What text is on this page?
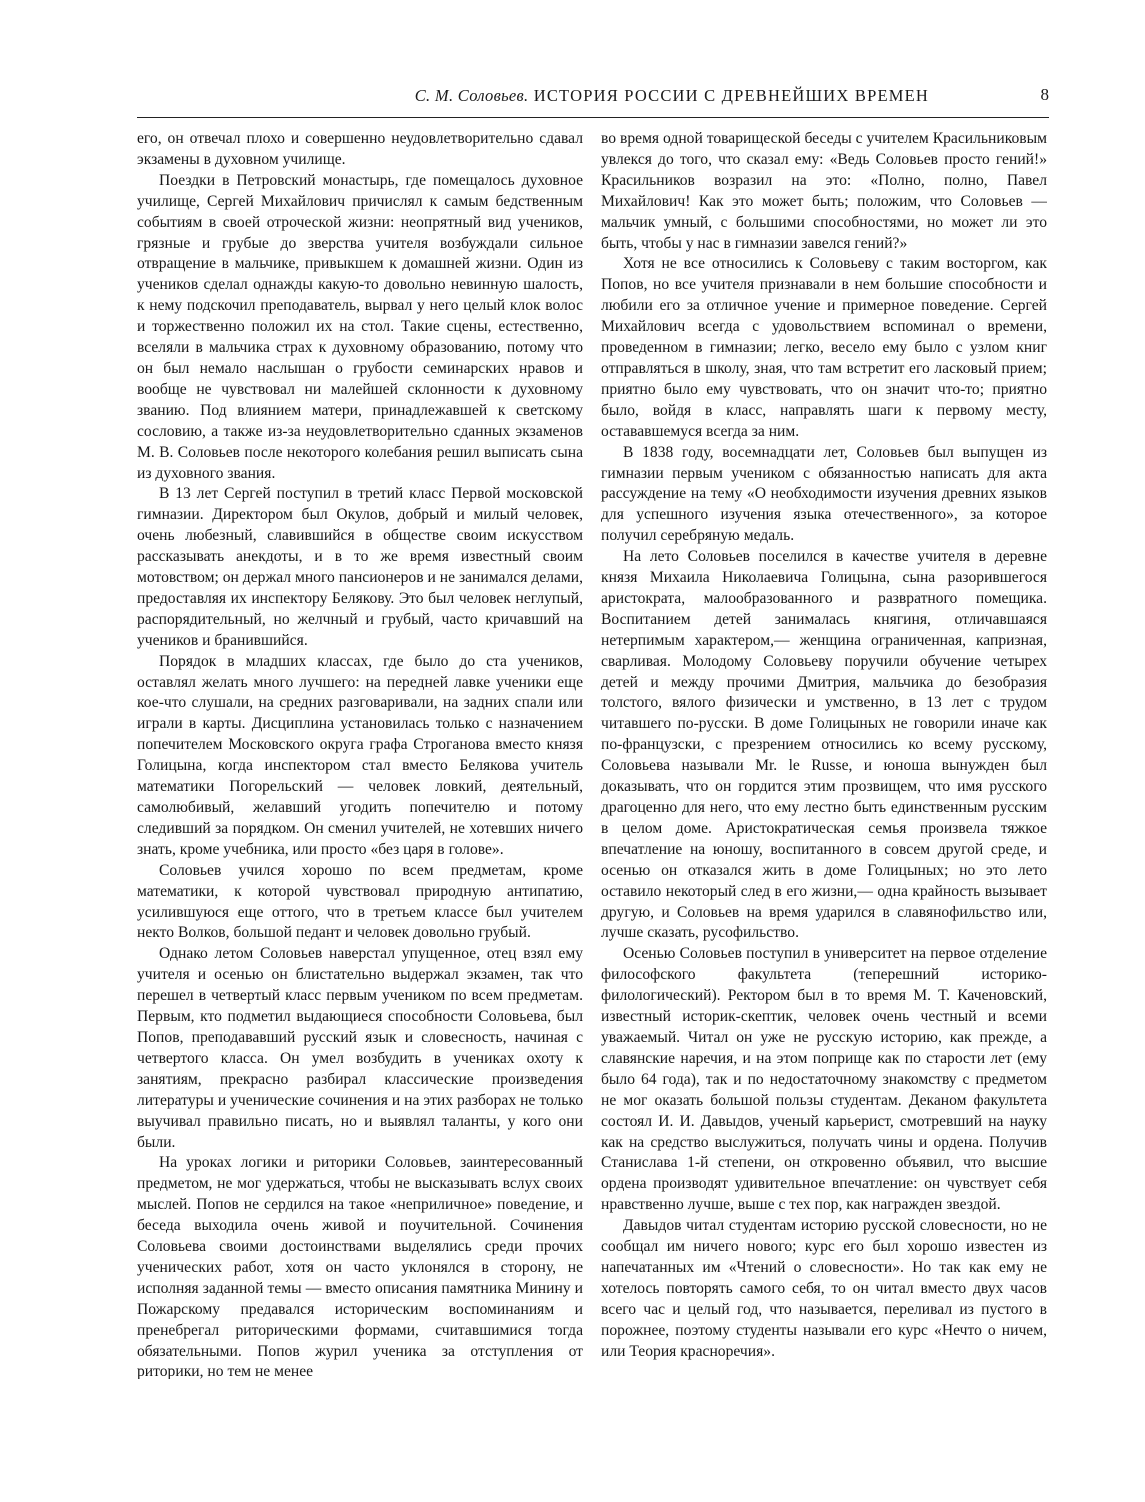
С. М. Соловьев. ИСТОРИЯ РОССИИ С ДРЕВНЕЙШИХ ВРЕМЕН	8

его, он отвечал плохо и совершенно неудовлетворительно сдавал экзамены в духовном училище.

Поездки в Петровский монастырь, где помещалось духовное училище, Сергей Михайлович причислял к самым бедственным событиям в своей отроческой жизни: неопрятный вид учеников, грязные и грубые до зверства учителя возбуждали сильное отвращение в мальчике, привыкшем к домашней жизни. Один из учеников сделал однажды какую-то довольно невинную шалость, к нему подскочил преподаватель, вырвал у него целый клок волос и торжественно положил их на стол. Такие сцены, естественно, вселяли в мальчика страх к духовному образованию, потому что он был немало наслышан о грубости семинарских нравов и вообще не чувствовал ни малейшей склонности к духовному званию. Под влиянием матери, принадлежавшей к светскому сословию, а также из-за неудовлетворительно сданных экзаменов М. В. Соловьев после некоторого колебания решил выписать сына из духовного звания.

В 13 лет Сергей поступил в третий класс Первой московской гимназии. Директором был Окулов, добрый и милый человек, очень любезный, славившийся в обществе своим искусством рассказывать анекдоты, и в то же время известный своим мотовством; он держал много пансионеров и не занимался делами, предоставляя их инспектору Белякову. Это был человек неглупый, распорядительный, но желчный и грубый, часто кричавший на учеников и бранившийся.

Порядок в младших классах, где было до ста учеников, оставлял желать много лучшего: на передней лавке ученики еще кое-что слушали, на средних разговаривали, на задних спали или играли в карты. Дисциплина установилась только с назначением попечителем Московского округа графа Строганова вместо князя Голицына, когда инспектором стал вместо Белякова учитель математики Погорельский — человек ловкий, деятельный, самолюбивый, желавший угодить попечителю и потому следивший за порядком. Он сменил учителей, не хотевших ничего знать, кроме учебника, или просто «без царя в голове».

Соловьев учился хорошо по всем предметам, кроме математики, к которой чувствовал природную антипатию, усилившуюся еще оттого, что в третьем классе был учителем некто Волков, большой педант и человек довольно грубый.

Однако летом Соловьев наверстал упущенное, отец взял ему учителя и осенью он блистательно выдержал экзамен, так что перешел в четвертый класс первым учеником по всем предметам. Первым, кто подметил выдающиеся способности Соловьева, был Попов, преподававший русский язык и словесность, начиная с четвертого класса. Он умел возбудить в учениках охоту к занятиям, прекрасно разбирал классические произведения литературы и ученические сочинения и на этих разборах не только выучивал правильно писать, но и выявлял таланты, у кого они были.

На уроках логики и риторики Соловьев, заинтересованный предметом, не мог удержаться, чтобы не высказывать вслух своих мыслей. Попов не сердился на такое «неприличное» поведение, и беседа выходила очень живой и поучительной. Сочинения Соловьева своими достоинствами выделялись среди прочих ученических работ, хотя он часто уклонялся в сторону, не исполняя заданной темы — вместо описания памятника Минину и Пожарскому предавался историческим воспоминаниям и пренебрегал риторическими формами, считавшимися тогда обязательными. Попов журил ученика за отступления от риторики, но тем не менее

во время одной товарищеской беседы с учителем Красильниковым увлекся до того, что сказал ему: «Ведь Соловьев просто гений!» Красильников возразил на это: «Полно, полно, Павел Михайлович! Как это может быть; положим, что Соловьев — мальчик умный, с большими способностями, но может ли это быть, чтобы у нас в гимназии завелся гений?»

Хотя не все относились к Соловьеву с таким восторгом, как Попов, но все учителя признавали в нем большие способности и любили его за отличное учение и примерное поведение. Сергей Михайлович всегда с удовольствием вспоминал о времени, проведенном в гимназии; легко, весело ему было с узлом книг отправляться в школу, зная, что там встретит его ласковый прием; приятно было ему чувствовать, что он значит что-то; приятно было, войдя в класс, направлять шаги к первому месту, остававшемуся всегда за ним.

В 1838 году, восемнадцати лет, Соловьев был выпущен из гимназии первым учеником с обязанностью написать для акта рассуждение на тему «О необходимости изучения древних языков для успешного изучения языка отечественного», за которое получил серебряную медаль.

На лето Соловьев поселился в качестве учителя в деревне князя Михаила Николаевича Голицына, сына разорившегося аристократа, малообразованного и развратного помещика. Воспитанием детей занималась княгиня, отличавшаяся нетерпимым характером,— женщина ограниченная, капризная, сварливая. Молодому Соловьеву поручили обучение четырех детей и между прочими Дмитрия, мальчика до безобразия толстого, вялого физически и умственно, в 13 лет с трудом читавшего по-русски. В доме Голицыных не говорили иначе как по-французски, с презрением относились ко всему русскому, Соловьева называли Mr. le Russe, и юноша вынужден был доказывать, что он гордится этим прозвищем, что имя русского драгоценно для него, что ему лестно быть единственным русским в целом доме. Аристократическая семья произвела тяжкое впечатление на юношу, воспитанного в совсем другой среде, и осенью он отказался жить в доме Голицыных; но это лето оставило некоторый след в его жизни,— одна крайность вызывает другую, и Соловьев на время ударился в славянофильство или, лучше сказать, русофильство.

Осенью Соловьев поступил в университет на первое отделение философского факультета (теперешний историко-филологический). Ректором был в то время М. Т. Каченовский, известный историк-скептик, человек очень честный и всеми уважаемый. Читал он уже не русскую историю, как прежде, а славянские наречия, и на этом поприще как по старости лет (ему было 64 года), так и по недостаточному знакомству с предметом не мог оказать большой пользы студентам. Деканом факультета состоял И. И. Давыдов, ученый карьерист, смотревший на науку как на средство выслужиться, получать чины и ордена. Получив Станислава 1-й степени, он откровенно объявил, что высшие ордена производят удивительное впечатление: он чувствует себя нравственно лучше, выше с тех пор, как награжден звездой.

Давыдов читал студентам историю русской словесности, но не сообщал им ничего нового; курс его был хорошо известен из напечатанных им «Чтений о словесности». Но так как ему не хотелось повторять самого себя, то он читал вместо двух часов всего час и целый год, что называется, переливал из пустого в порожнее, поэтому студенты называли его курс «Нечто о ничем, или Теория красноречия».
